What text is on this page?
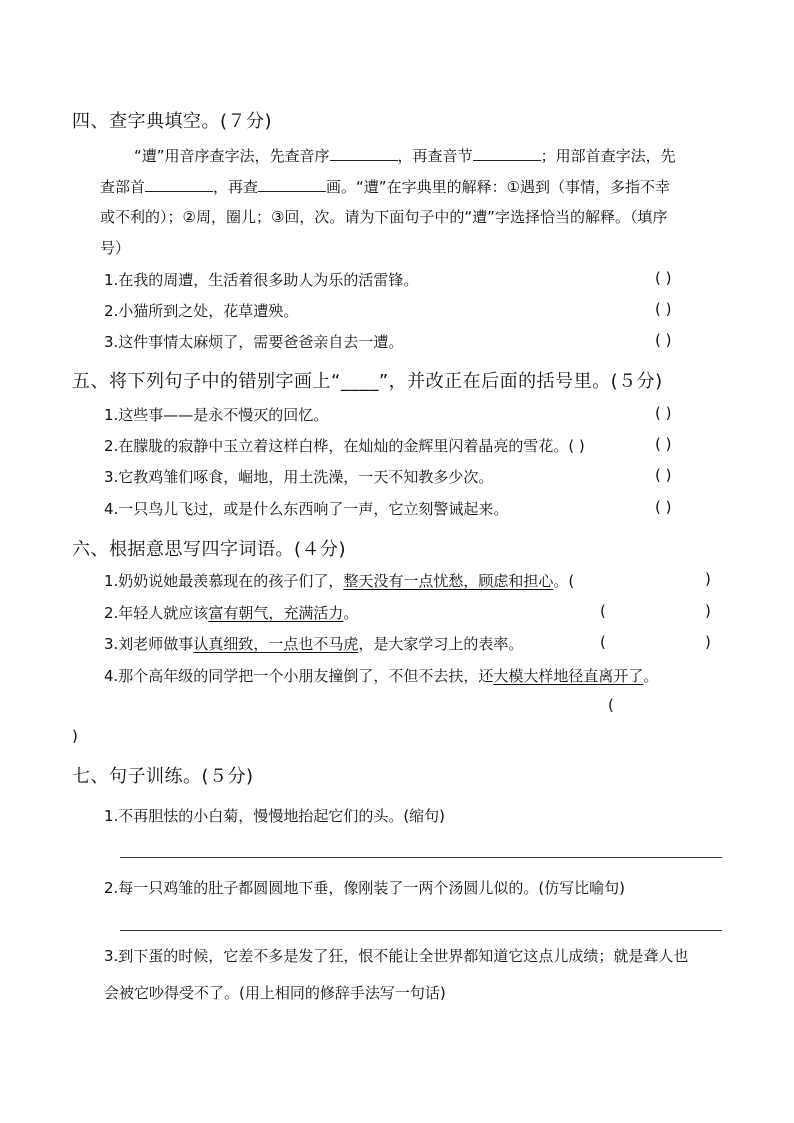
四、查字典填空。(７分)
“遭”用音序查字法，先查音序	，再查音节	；用部首查字法，先
查部首	，再查	画。“遭”在字典里的解释：①遇到（事情，多指不幸
或不利的）；②周，圈儿；③回，次。请为下面句子中的“遭”字选择恰当的解释。（填序
号）
1.在我的周遭，生活着很多助人为乐的活雷锋。	( )
2.小猫所到之处，花草遭殃。	( )
3.这件事情太麻烦了，需要爸爸亲自去一遭。	( )
五、将下列句子中的错别字画上“____”，并改正在后面的括号里。(５分)
1.这些事——是永不慢灭的回忆。	( )
2.在朦胧的寂静中玉立着这样白桦，在灿灿的金辉里闪着晶亮的雪花。( )	( )
3.它教鸡雏们啄食，崛地，用土洗澡，一天不知教多少次。	( )
4.一只鸟儿飞过，或是什么东西响了一声，它立刻警诫起来。	( )
六、根据意思写四字词语。(４分)
1.奶奶说她最羡慕现在的孩子们了，整天没有一点忧愁，顾虑和担心。(	)
2.年轻人就应该富有朝气，充满活力。	(	)
3.刘老师做事认真细致，一点也不马虎，是大家学习上的表率。	(	)
4.那个高年级的同学把一个小朋友撞倒了，不但不去扶，还大模大样地径直离开了。
(
)
七、句子训练。(５分)
1.不再胆怯的小白菊，慢慢地抬起它们的头。(缩句)
2.每一只鸡雏的肚子都圆圆地下垂，像刚装了一两个汤圆儿似的。(仿写比喻句)
3.到下蛋的时候，它差不多是发了狂，恨不能让全世界都知道它这点儿成绩；就是聋人也
会被它吵得受不了。(用上相同的修辞手法写一句话)
